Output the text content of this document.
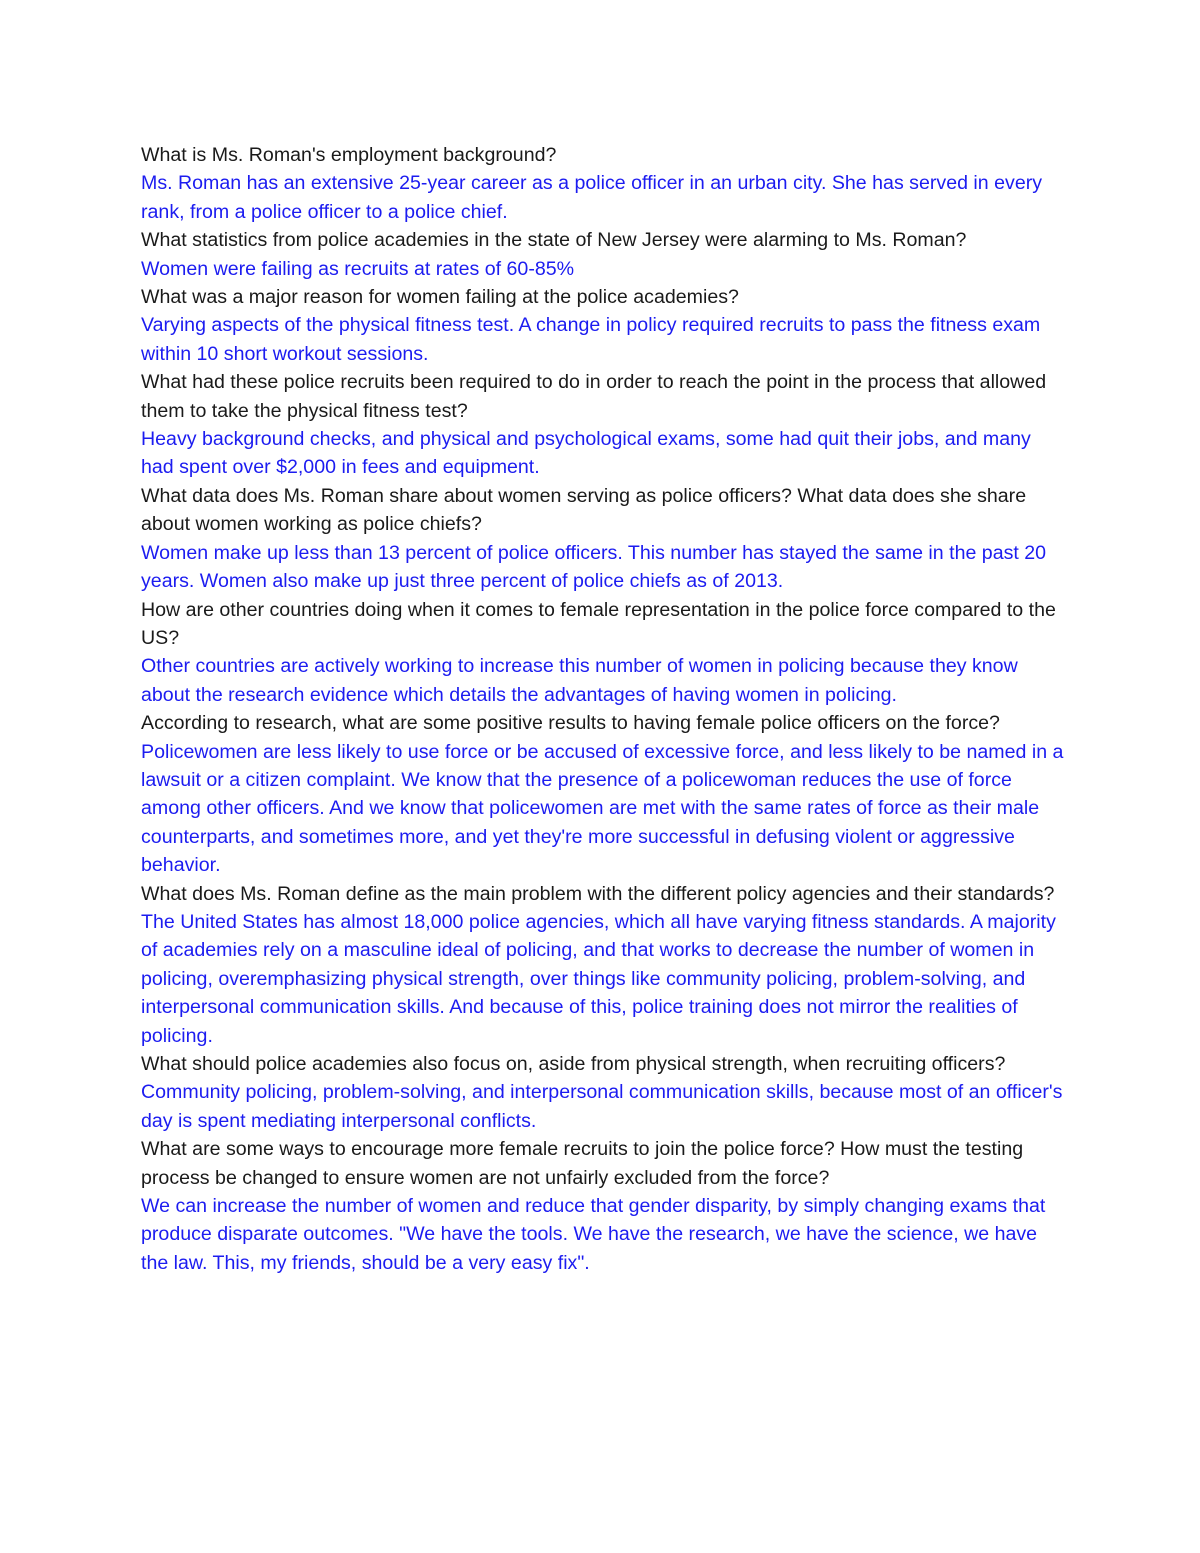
What is Ms. Roman's employment background?

Ms. Roman has an extensive 25-year career as a police officer in an urban city. She has served in every rank, from a police officer to a police chief.

What statistics from police academies in the state of New Jersey were alarming to Ms. Roman?

Women were failing as recruits at rates of 60-85%

What was a major reason for women failing at the police academies?

Varying aspects of the physical fitness test. A change in policy required recruits to pass the fitness exam within 10 short workout sessions.

What had these police recruits been required to do in order to reach the point in the process that allowed them to take the physical fitness test?

Heavy background checks, and physical and psychological exams, some had quit their jobs, and many had spent over $2,000 in fees and equipment.

What data does Ms. Roman share about women serving as police officers? What data does she share about women working as police chiefs?

Women make up less than 13 percent of police officers. This number has stayed the same in the past 20 years. Women also make up just three percent of police chiefs as of 2013.

How are other countries doing when it comes to female representation in the police force compared to the US?

Other countries are actively working to increase this number of women in policing because they know about the research evidence which details the advantages of having women in policing.

According to research, what are some positive results to having female police officers on the force?

Policewomen are less likely to use force or be accused of excessive force, and less likely to be named in a lawsuit or a citizen complaint. We know that the presence of a policewoman reduces the use of force among other officers. And we know that policewomen are met with the same rates of force as their male counterparts, and sometimes more, and yet they're more successful in defusing violent or aggressive behavior.

What does Ms. Roman define as the main problem with the different policy agencies and their standards?

The United States has almost 18,000 police agencies, which all have varying fitness standards. A majority of academies rely on a masculine ideal of policing, and that works to decrease the number of women in policing, overemphasizing physical strength, over things like community policing, problem-solving, and interpersonal communication skills. And because of this, police training does not mirror the realities of policing.

What should police academies also focus on, aside from physical strength, when recruiting officers?

Community policing, problem-solving, and interpersonal communication skills, because most of an officer's day is spent mediating interpersonal conflicts.

What are some ways to encourage more female recruits to join the police force? How must the testing process be changed to ensure women are not unfairly excluded from the force?

We can increase the number of women and reduce that gender disparity, by simply changing exams that produce disparate outcomes. "We have the tools. We have the research, we have the science, we have the law. This, my friends, should be a very easy fix".
